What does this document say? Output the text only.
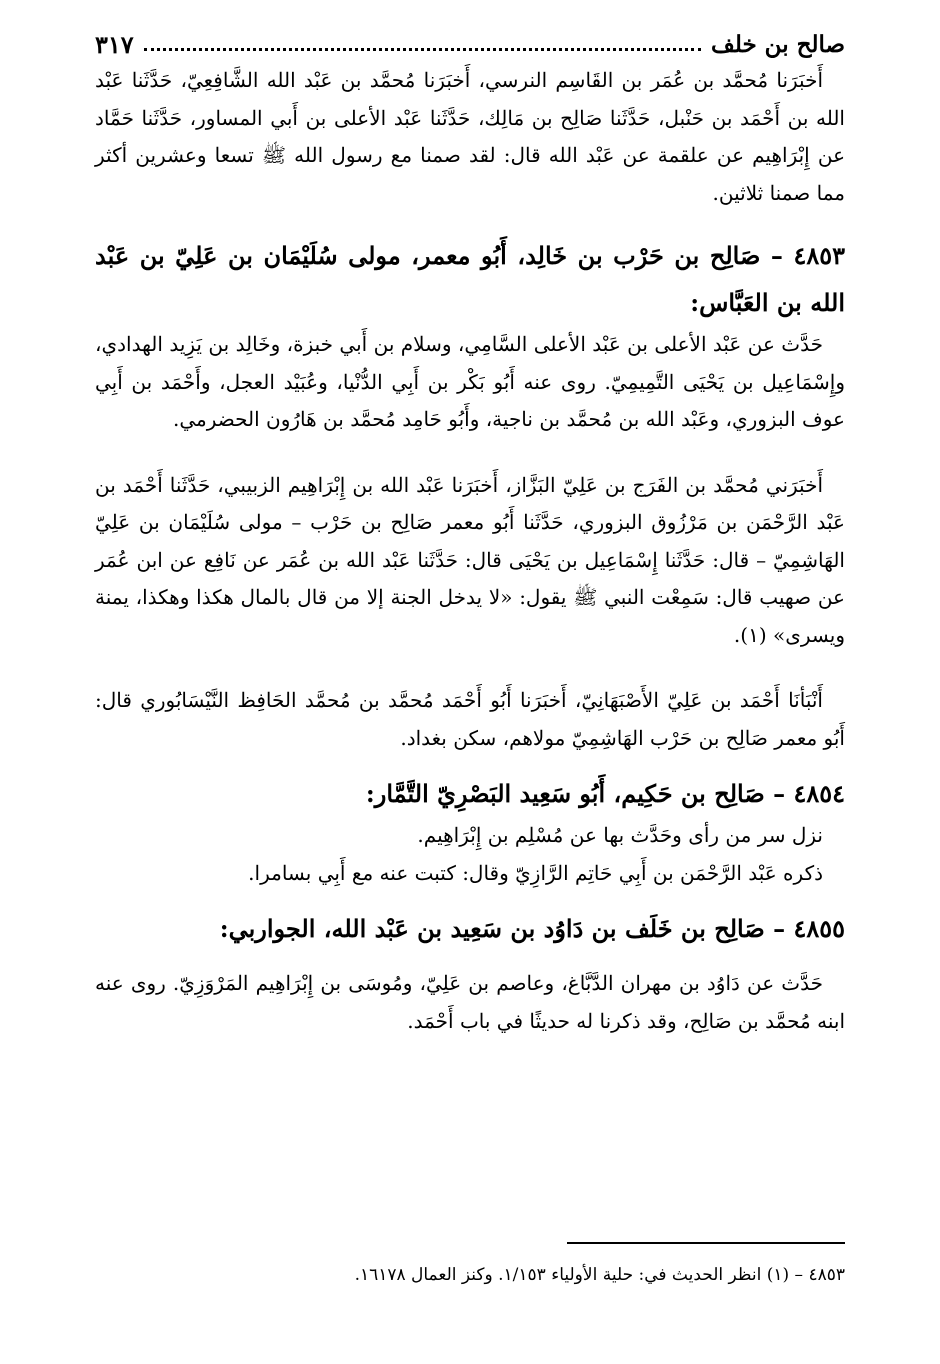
صالح بن خلف
٣١٧

أَخبَرَنا مُحمَّد بن عُمَر بن القَاسِم النرسي، أَخبَرَنا مُحمَّد بن عَبْد الله الشَّافِعِيّ، حَدَّثَنا عَبْد الله بن أَحْمَد بن حَنْبل، حَدَّثَنا صَالِح بن مَالِك، حَدَّثَنا عَبْد الأعلى بن أَبي المساور، حَدَّثَنا حَمَّاد عن إِبْرَاهِيم عن علقمة عن عَبْد الله قال: لقد صمنا مع رسول الله ﷺ تسعا وعشرين أكثر مما صمنا ثلاثين.

٤٨٥٣ – صَالِح بن حَرْب بن خَالِد، أَبُو معمر، مولى سُلَيْمَان بن عَلِيّ بن عَبْد الله بن العَبَّاس:

حَدَّث عن عَبْد الأعلى بن عَبْد الأعلى السَّامِي، وسلام بن أَبي خبزة، وخَالِد بن يَزِيد الهدادي، وإِسْمَاعِيل بن يَحْيَى التَّمِيمِيّ. روى عنه أَبُو بَكْر بن أَبِي الدُّنْيا، وعُبَيْد العجل، وأَحْمَد بن أَبِي عوف البزوري، وعَبْد الله بن مُحمَّد بن ناجية، وأَبُو حَامِد مُحمَّد بن هَارُون الحضرمي.

أَخبَرَني مُحمَّد بن الفَرَج بن عَلِيّ البَزَّاز، أَخبَرَنا عَبْد الله بن إِبْرَاهِيم الزبيبي، حَدَّثَنا أَحْمَد بن عَبْد الرَّحْمَن بن مَرْزُوق البزوري، حَدَّثَنا أَبُو معمر صَالِح بن حَرْب – مولى سُلَيْمَان بن عَلِيّ الهَاشِمِيّ – قال: حَدَّثَنا إِسْمَاعِيل بن يَحْيَى قال: حَدَّثَنا عَبْد الله بن عُمَر عن نَافِع عن ابن عُمَر عن صهيب قال: سَمِعْت النبي ﷺ يقول: «لا يدخل الجنة إلا من قال بالمال هكذا وهكذا، يمنة ويسرى» (١).

أَنْبَأنَا أَحْمَد بن عَلِيّ الأَصْبَهَانِيّ، أَخبَرَنا أَبُو أَحْمَد مُحمَّد بن مُحمَّد الحَافِظ النَّيْسَابُوري قال: أَبُو معمر صَالِح بن حَرْب الهَاشِمِيّ مولاهم، سكن بغداد.

٤٨٥٤ – صَالِح بن حَكِيم، أَبُو سَعِيد البَصْرِيّ التَّمَّار:

نزل سر من رأى وحَدَّث بها عن مُسْلِم بن إِبْرَاهِيم.

ذكره عَبْد الرَّحْمَن بن أَبِي حَاتِم الرَّازِيّ وقال: كتبت عنه مع أَبِي بسامرا.

٤٨٥٥ – صَالِح بن خَلَف بن دَاوُد بن سَعِيد بن عَبْد الله، الجواربي:

حَدَّث عن دَاوُد بن مهران الدَّبَّاغ، وعاصم بن عَلِيّ، ومُوسَى بن إِبْرَاهِيم المَرْوَزِيّ. روى عنه ابنه مُحمَّد بن صَالِح، وقد ذكرنا له حديثًا في باب أَحْمَد.

٤٨٥٣ – (١) انظر الحديث في: حلية الأولياء ١/١٥٣. وكنز العمال ١٦١٧٨.
